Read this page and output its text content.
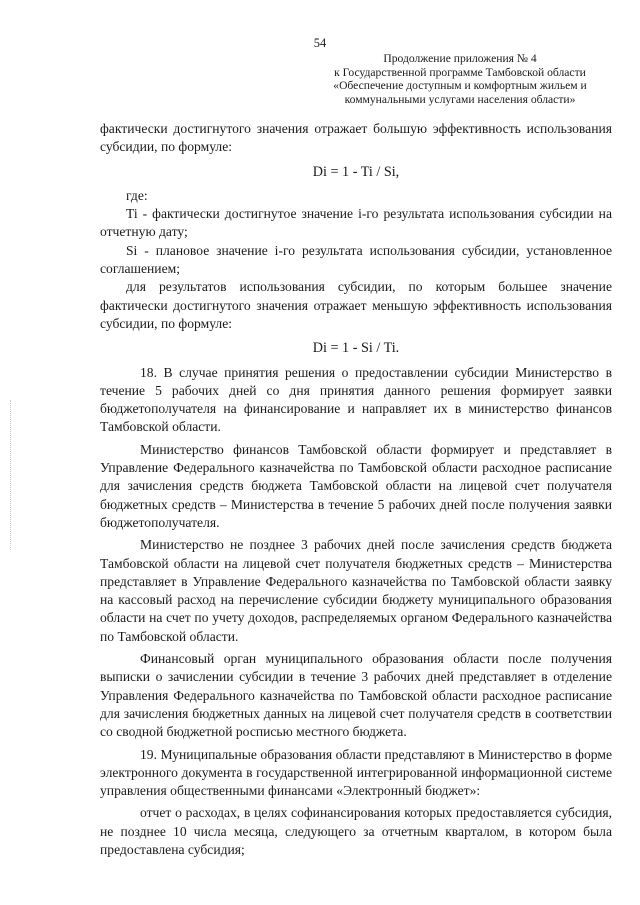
54
Продолжение приложения № 4
к Государственной программе Тамбовской области
«Обеспечение доступным и комфортным жильем и
коммунальными услугами населения области»

фактически достигнутого значения отражает большую эффективность использования субсидии, по формуле:

Di = 1 - Ti / Si,

где:

Ti - фактически достигнутое значение i-го результата использования субсидии на отчетную дату;

Si - плановое значение i-го результата использования субсидии, установленное соглашением;

для результатов использования субсидии, по которым большее значение фактически достигнутого значения отражает меньшую эффективность использования субсидии, по формуле:

Di = 1 - Si / Ti.

18. В случае принятия решения о предоставлении субсидии Министерство в течение 5 рабочих дней со дня принятия данного решения формирует заявки бюджетополучателя на финансирование и направляет их в министерство финансов Тамбовской области.

Министерство финансов Тамбовской области формирует и представляет в Управление Федерального казначейства по Тамбовской области расходное расписание для зачисления средств бюджета Тамбовской области на лицевой счет получателя бюджетных средств – Министерства в течение 5 рабочих дней после получения заявки бюджетополучателя.

Министерство не позднее 3 рабочих дней после зачисления средств бюджета Тамбовской области на лицевой счет получателя бюджетных средств – Министерства представляет в Управление Федерального казначейства по Тамбовской области заявку на кассовый расход на перечисление субсидии бюджету муниципального образования области на счет по учету доходов, распределяемых органом Федерального казначейства по Тамбовской области.

Финансовый орган муниципального образования области после получения выписки о зачислении субсидии в течение 3 рабочих дней представляет в отделение Управления Федерального казначейства по Тамбовской области расходное расписание для зачисления бюджетных данных на лицевой счет получателя средств в соответствии со сводной бюджетной росписью местного бюджета.

19. Муниципальные образования области представляют в Министерство в форме электронного документа в государственной интегрированной информационной системе управления общественными финансами «Электронный бюджет»:

отчет о расходах, в целях софинансирования которых предоставляется субсидия, не позднее 10 числа месяца, следующего за отчетным кварталом, в котором была предоставлена субсидия;
